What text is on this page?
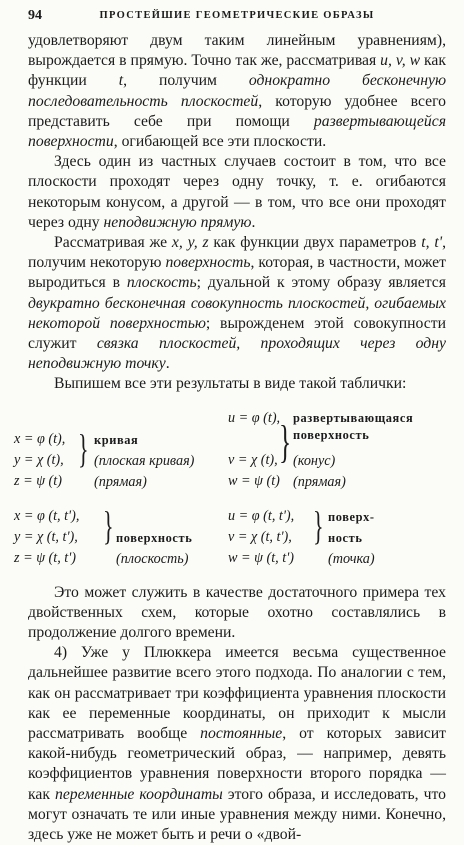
94	ПРОСТЕЙШИЕ ГЕОМЕТРИЧЕСКИЕ ОБРАЗЫ

удовлетворяют двум таким линейным уравнениям), вырождается в прямую. Точно так же, рассматривая u, v, w как функции t, получим однократно бесконечную последовательность плоскостей, которую удобнее всего представить себе при помощи развертывающейся поверхности, огибающей все эти плоскости.

Здесь один из частных случаев состоит в том, что все плоскости проходят через одну точку, т. е. огибаются некоторым конусом, а другой — в том, что все они проходят через одну неподвижную прямую.

Рассматривая же x, y, z как функции двух параметров t, t', получим некоторую поверхность, которая, в частности, может выродиться в плоскость; дуальной к этому образу является двукратно бесконечная совокупность плоскостей, огибаемых некоторой поверхностью; вырожденем этой совокупности служит связка плоскостей, проходящих через одну неподвижную точку.

Выпишем все эти результаты в виде такой таблички:

x = φ (t),
y = χ (t),
z = ψ (t)
} кривая
(плоская кривая)
(прямая)
u = φ (t),
v = χ (t),
w = ψ (t)
} развертывающаяся
поверхность
(конус)
(прямая)
x = φ (t, t'),
y = χ (t, t'),
z = ψ (t, t')
} поверхность
(плоскость)
u = φ (t, t'),
v = χ (t, t'),
w = ψ (t, t')
} поверх-
ность
(точка)

Это может служить в качестве достаточного примера тех двойственных схем, которые охотно составлялись в продолжение долгого времени.

4) Уже у Плюккера имеется весьма существенное дальнейшее развитие всего этого подхода. По аналогии с тем, как он рассматривает три коэффициента уравнения плоскости как ее переменные координаты, он приходит к мысли рассматривать вообще постоянные, от которых зависит какой-нибудь геометрический образ, — например, девять коэффициентов уравнения поверхности второго порядка — как переменные координаты этого образа, и исследовать, что могут означать те или иные уравнения между ними. Конечно, здесь уже не может быть и речи о «двой-
